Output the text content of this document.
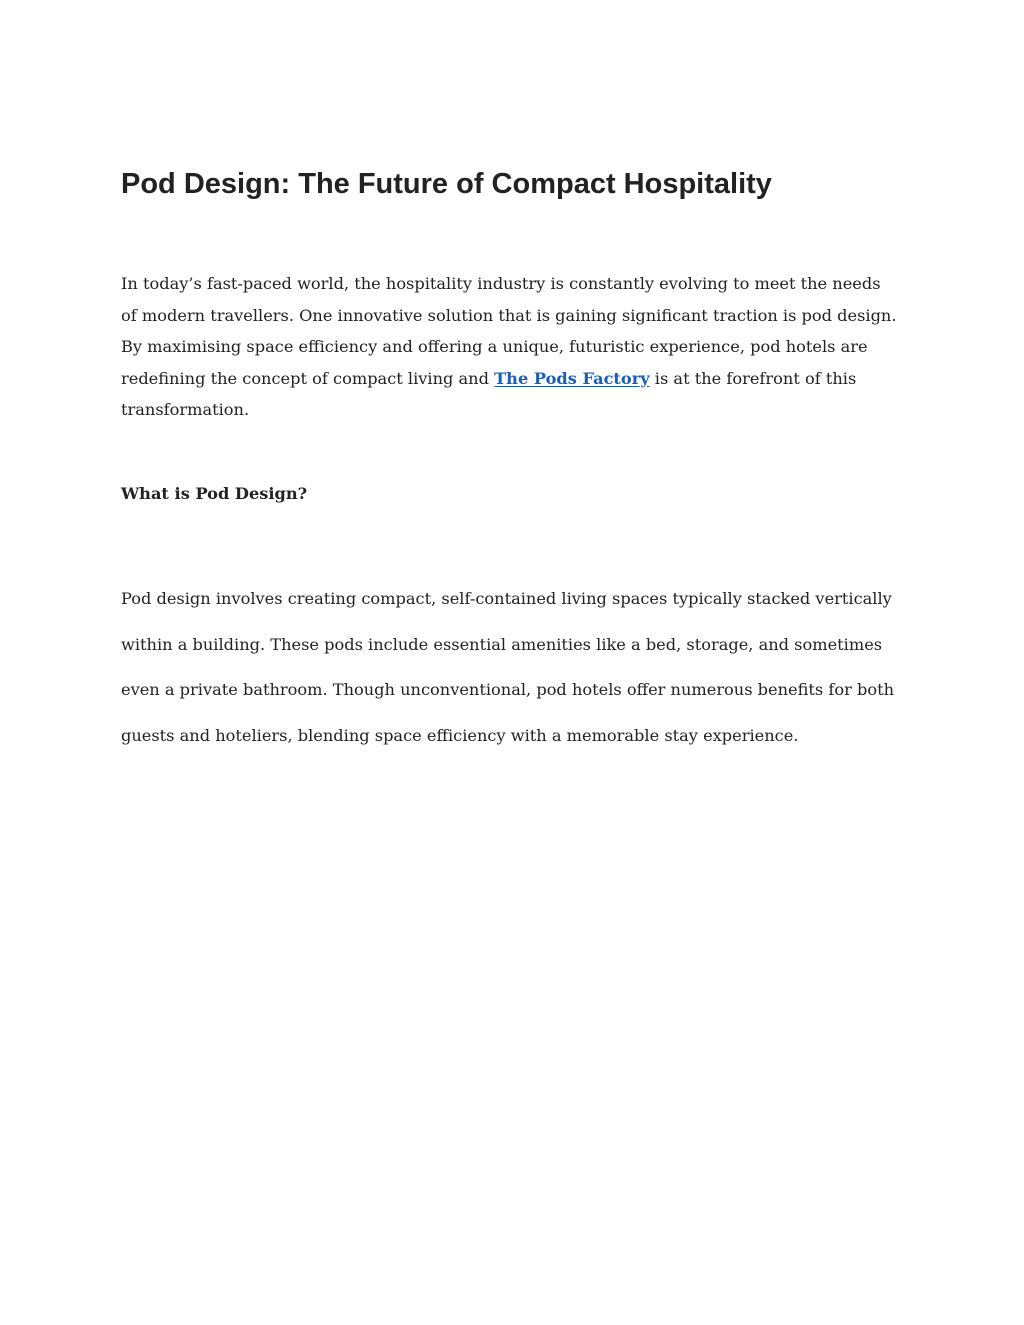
Pod Design: The Future of Compact Hospitality

In today’s fast-paced world, the hospitality industry is constantly evolving to meet the needs of modern travellers. One innovative solution that is gaining significant traction is pod design. By maximising space efficiency and offering a unique, futuristic experience, pod hotels are redefining the concept of compact living and The Pods Factory is at the forefront of this transformation.

What is Pod Design?

Pod design involves creating compact, self-contained living spaces typically stacked vertically within a building. These pods include essential amenities like a bed, storage, and sometimes even a private bathroom. Though unconventional, pod hotels offer numerous benefits for both guests and hoteliers, blending space efficiency with a memorable stay experience.
